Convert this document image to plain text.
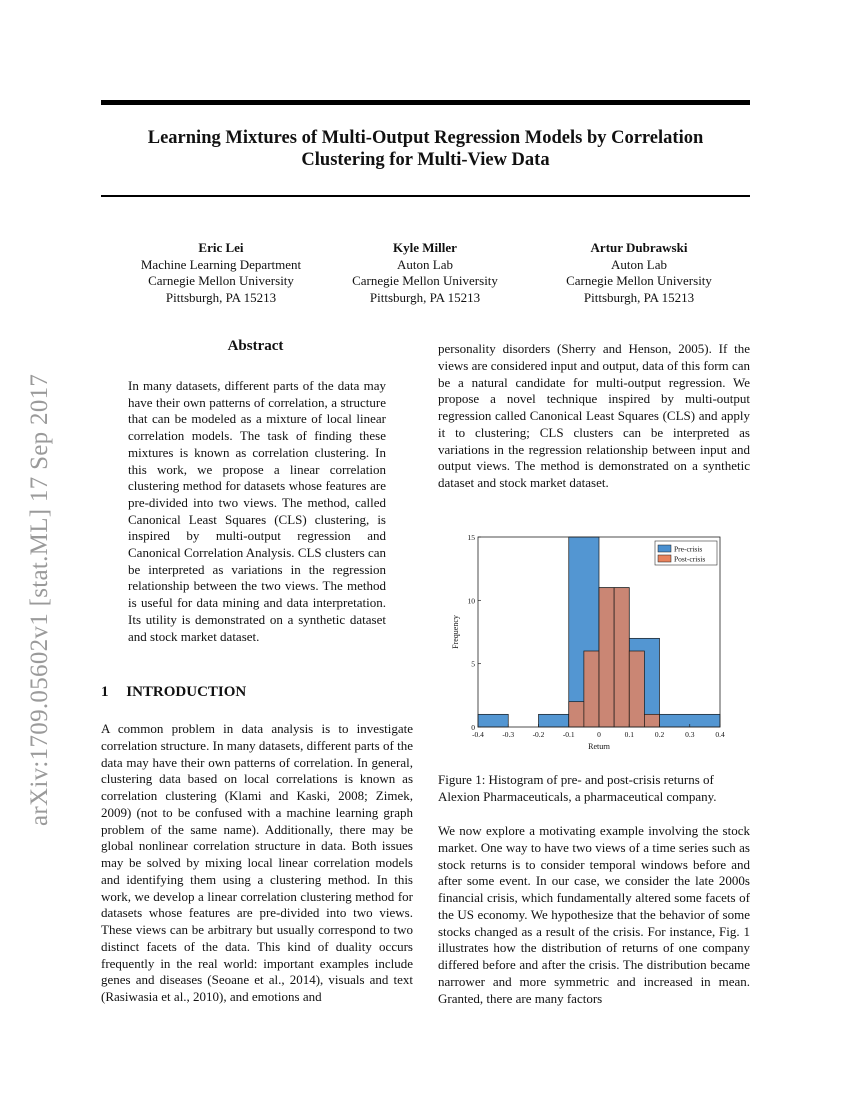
arXiv:1709.05602v1 [stat.ML] 17 Sep 2017
Learning Mixtures of Multi-Output Regression Models by Correlation
Clustering for Multi-View Data
Eric Lei
Machine Learning Department
Carnegie Mellon University
Pittsburgh, PA 15213
Kyle Miller
Auton Lab
Carnegie Mellon University
Pittsburgh, PA 15213
Artur Dubrawski
Auton Lab
Carnegie Mellon University
Pittsburgh, PA 15213
Abstract

In many datasets, different parts of the data may have their own patterns of correlation, a structure that can be modeled as a mixture of local linear correlation models. The task of finding these mixtures is known as correlation clustering. In this work, we propose a linear correlation clustering method for datasets whose features are pre-divided into two views. The method, called Canonical Least Squares (CLS) clustering, is inspired by multi-output regression and Canonical Correlation Analysis. CLS clusters can be interpreted as variations in the regression relationship between the two views. The method is useful for data mining and data interpretation. Its utility is demonstrated on a synthetic dataset and stock market dataset.

1 INTRODUCTION

A common problem in data analysis is to investigate correlation structure. In many datasets, different parts of the data may have their own patterns of correlation. In general, clustering data based on local correlations is known as correlation clustering (Klami and Kaski, 2008; Zimek, 2009) (not to be confused with a machine learning graph problem of the same name). Additionally, there may be global nonlinear correlation structure in data. Both issues may be solved by mixing local linear correlation models and identifying them using a clustering method. In this work, we develop a linear correlation clustering method for datasets whose features are pre-divided into two views. These views can be arbitrary but usually correspond to two distinct facets of the data. This kind of duality occurs frequently in the real world: important examples include genes and diseases (Seoane et al., 2014), visuals and text (Rasiwasia et al., 2010), and emotions and

personality disorders (Sherry and Henson, 2005). If the views are considered input and output, data of this form can be a natural candidate for multi-output regression. We propose a novel technique inspired by multi-output regression called Canonical Least Squares (CLS) and apply it to clustering; CLS clusters can be interpreted as variations in the regression relationship between input and output views. The method is demonstrated on a synthetic dataset and stock market dataset.

-0.4 -0.3 -0.2 -0.1	0	0.1	0.2	0.3	0.4
0
5
10
15
Return
Frequency
Pre-crisis
Post-crisis

Figure 1: Histogram of pre- and post-crisis returns of Alexion Pharmaceuticals, a pharmaceutical company.

We now explore a motivating example involving the stock market. One way to have two views of a time series such as stock returns is to consider temporal windows before and after some event. In our case, we consider the late 2000s financial crisis, which fundamentally altered some facets of the US economy. We hypothesize that the behavior of some stocks changed as a result of the crisis. For instance, Fig. 1 illustrates how the distribution of returns of one company differed before and after the crisis. The distribution became narrower and more symmetric and increased in mean. Granted, there are many factors
